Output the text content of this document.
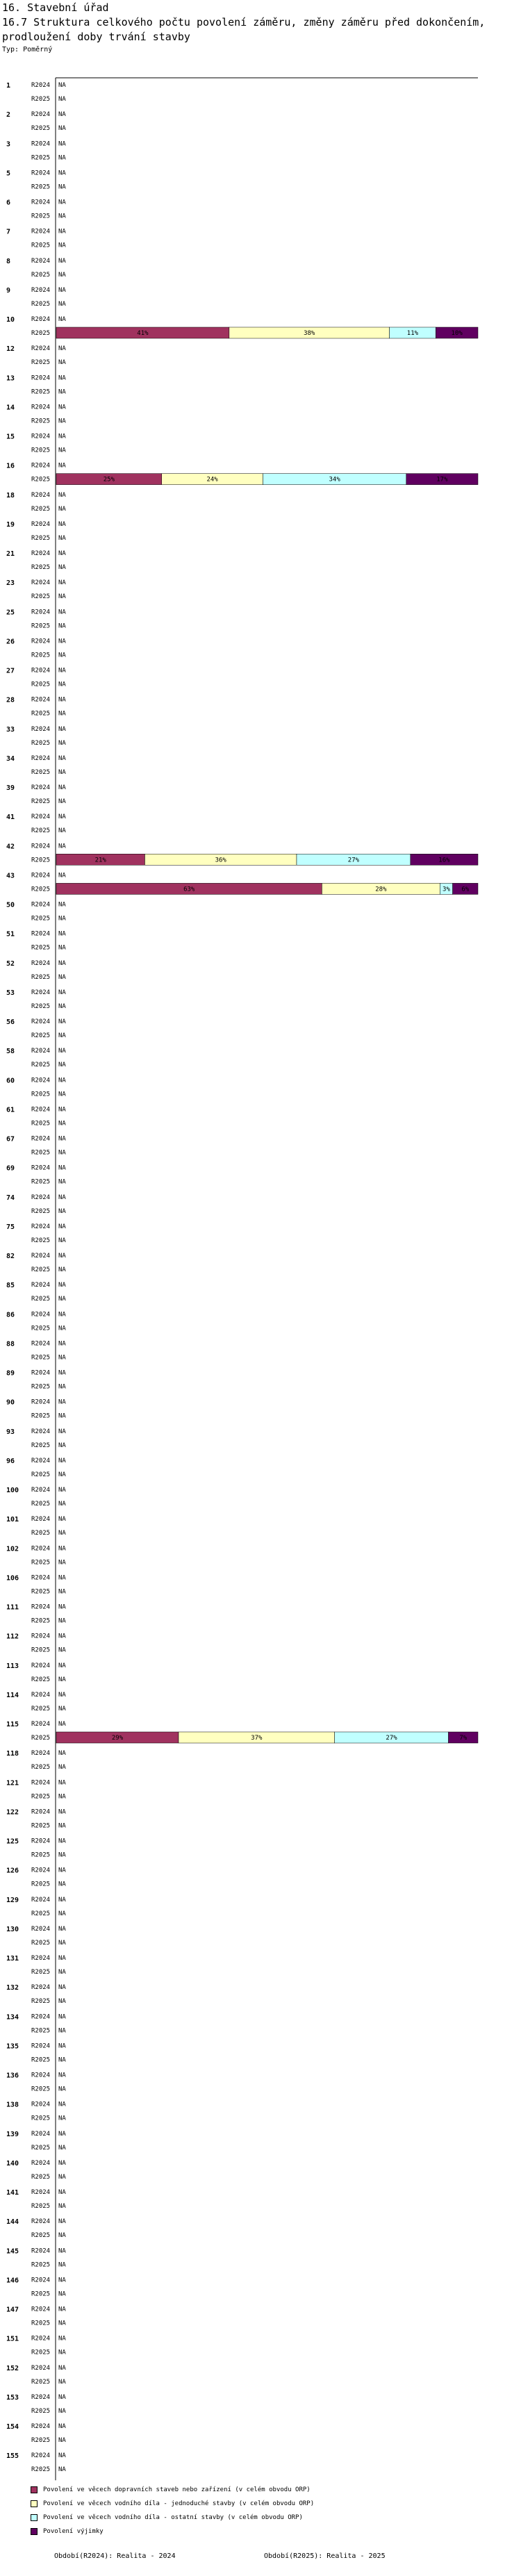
16. Stavební úřad
16.7 Struktura celkového počtu povolení záměru, změny záměru před dokončením, prodloužení doby trvání stavby
Typ: Poměrný
1	R2024 NA
R2025 NA
2	R2024 NA
R2025 NA
3	R2024 NA
R2025 NA
5	R2024 NA
R2025 NA
6	R2024 NA
R2025 NA
7	R2024 NA
R2025 NA
8	R2024 NA
R2025 NA
9	R2024 NA
R2025 NA
10	R2024 NA
R2025	41%	38%	11%	10%
12	R2024 NA
R2025 NA
13	R2024 NA
R2025 NA
14	R2024 NA
R2025 NA
15	R2024 NA
R2025 NA
16	R2024 NA
R2025	25%	24%	34%	17%
18	R2024 NA
R2025 NA
19	R2024 NA
R2025 NA
21	R2024 NA
R2025 NA
23	R2024 NA
R2025 NA
25	R2024 NA
R2025 NA
26	R2024 NA
R2025 NA
27	R2024 NA
R2025 NA
28	R2024 NA
R2025 NA
33	R2024 NA
R2025 NA
34	R2024 NA
R2025 NA
39	R2024 NA
R2025 NA
41	R2024 NA
R2025 NA
42	R2024 NA
R2025	21%	36%	27%	16%
43	R2024 NA
R2025	63%	28%	3% 6%
50	R2024 NA
R2025 NA
51	R2024 NA
R2025 NA
52	R2024 NA
R2025 NA
53	R2024 NA
R2025 NA
56	R2024 NA
R2025 NA
58	R2024 NA
R2025 NA
60	R2024 NA
R2025 NA
61	R2024 NA
R2025 NA
67	R2024 NA
R2025 NA
69	R2024 NA
R2025 NA
74	R2024 NA
R2025 NA
75	R2024 NA
R2025 NA
82	R2024 NA
R2025 NA
85	R2024 NA
R2025 NA
86	R2024 NA
R2025 NA
88	R2024 NA
R2025 NA
89	R2024 NA
R2025 NA
90	R2024 NA
R2025 NA
93	R2024 NA
R2025 NA
96	R2024 NA
R2025 NA
100 R2024 NA
R2025 NA
101 R2024 NA
R2025 NA
102 R2024 NA
R2025 NA
106 R2024 NA
R2025 NA
111 R2024 NA
R2025 NA
112 R2024 NA
R2025 NA
113 R2024 NA
R2025 NA
114 R2024 NA
R2025 NA
115 R2024 NA
R2025	29%	37%	27%	7%
118 R2024 NA
R2025 NA
121 R2024 NA
R2025 NA
122 R2024 NA
R2025 NA
125 R2024 NA
R2025 NA
126 R2024 NA
R2025 NA
129 R2024 NA
R2025 NA
130 R2024 NA
R2025 NA
131 R2024 NA
R2025 NA
132 R2024 NA
R2025 NA
134 R2024 NA
R2025 NA
135 R2024 NA
R2025 NA
136 R2024 NA
R2025 NA
138 R2024 NA
R2025 NA
139 R2024 NA
R2025 NA
140 R2024 NA
R2025 NA
141 R2024 NA
R2025 NA
144 R2024 NA
R2025 NA
145 R2024 NA
R2025 NA
146 R2024 NA
R2025 NA
147 R2024 NA
R2025 NA
151 R2024 NA
R2025 NA
152 R2024 NA
R2025 NA
153 R2024 NA
R2025 NA
154 R2024 NA
R2025 NA
155 R2024 NA
R2025 NA
Povolení ve věcech dopravních staveb nebo zařízení (v celém obvodu ORP)
Povolení ve věcech vodního díla - jednoduché stavby (v celém obvodu ORP)
Povolení ve věcech vodního díla - ostatní stavby (v celém obvodu ORP)
Povolení výjimky
Období(R2024): Realita - 2024	Období(R2025): Realita - 2025
